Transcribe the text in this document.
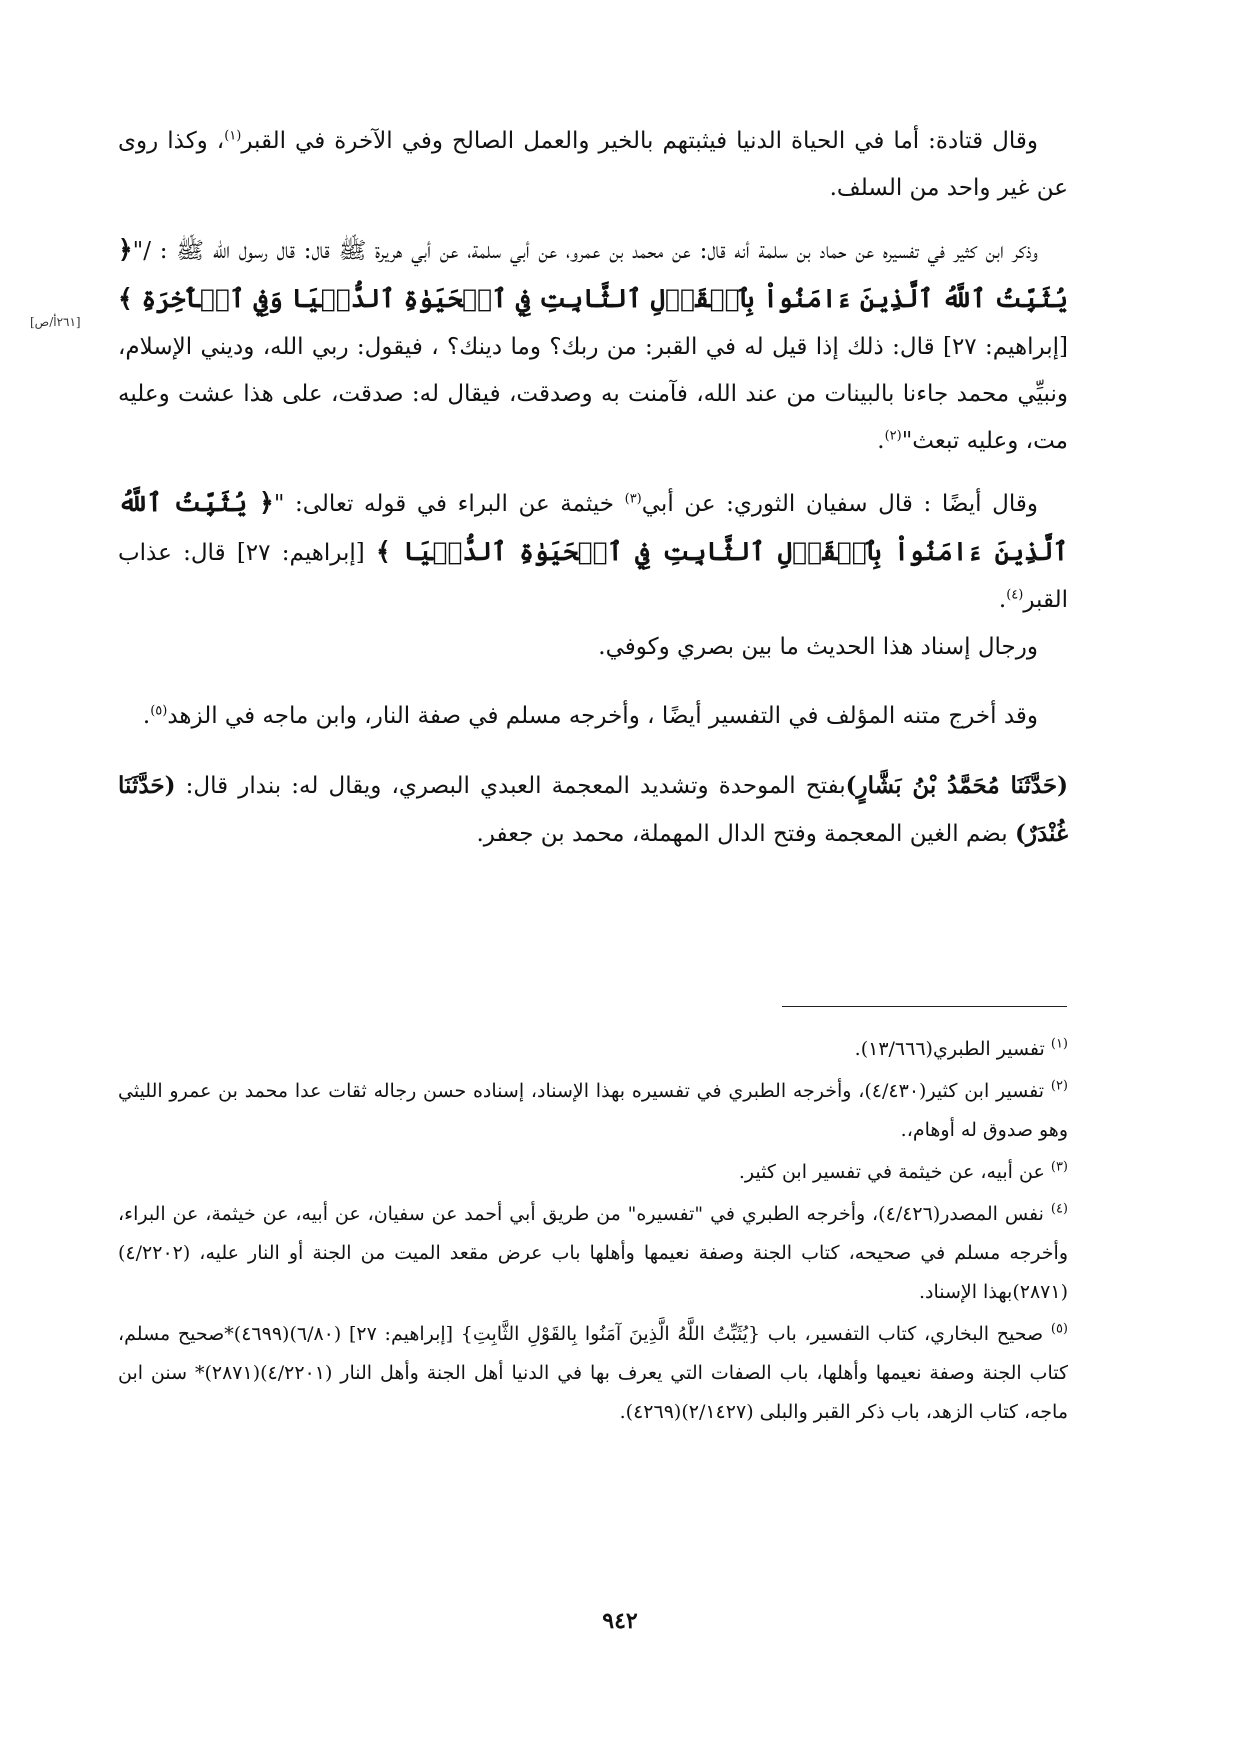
[٢٦١أ/ص]

وقال قتادة: أما في الحياة الدنيا فيثبتهم بالخير والعمل الصالح وفي الآخرة في القبر$^{(١)}$، وكذا روى عن غير واحد من السلف.

وذكر ابن كثير في تفسيره عن حماد بن سلمة أنه قال: عن محمد بن عمرو، عن أبي سلمة، عن أبي هريرة ﷺ قال: قال رسول الله ﷺ : /"﴿ يُثَبِّتُ ٱللَّهُ ٱلَّذِينَ ءَامَنُواْ بِٱلۡقَوۡلِ ٱلثَّابِتِ فِي ٱلۡحَيَوٰةِ ٱلدُّنۡيَا وَفِي ٱلۡأٓخِرَةِ ﴾ [إبراهيم: ٢٧] قال: ذلك إذا قيل له في القبر: من ربك؟ وما دينك؟ ، فيقول: ربي الله، وديني الإسلام، ونبيِّي محمد جاءنا بالبينات من عند الله، فآمنت به وصدقت، فيقال له: صدقت، على هذا عشت وعليه مت، وعليه تبعث"$^{(٢)}$.

وقال أيضًا : قال سفيان الثوري: عن أبي$^{(٣)}$ خيثمة عن البراء في قوله تعالى: "﴿ يُثَبِّتُ ٱللَّهُ ٱلَّذِينَ ءَامَنُواْ بِٱلۡقَوۡلِ ٱلثَّابِتِ فِي ٱلۡحَيَوٰةِ ٱلدُّنۡيَا ﴾ [إبراهيم: ٢٧] قال: عذاب القبر$^{(٤)}$.

ورجال إسناد هذا الحديث ما بين بصري وكوفي.

وقد أخرج متنه المؤلف في التفسير أيضًا ، وأخرجه مسلم في صفة النار، وابن ماجه في الزهد$^{(٥)}$.

(حَدَّثَنَا مُحَمَّدُ بْنُ بَشَّارٍ)بفتح الموحدة وتشديد المعجمة العبدي البصري، ويقال له: بندار قال: (حَدَّثَنَا غُنْدَرٌ) بضم الغين المعجمة وفتح الدال المهملة، محمد بن جعفر.

$^{(١)}$ تفسير الطبري(١٣/٦٦٦).

$^{(٢)}$ تفسير ابن كثير(٤/٤٣٠)، وأخرجه الطبري في تفسيره بهذا الإسناد، إسناده حسن رجاله ثقات عدا محمد بن عمرو الليثي وهو صدوق له أوهام،.

$^{(٣)}$ عن أبيه، عن خيثمة في تفسير ابن كثير.

$^{(٤)}$ نفس المصدر(٤/٤٢٦)، وأخرجه الطبري في "تفسيره" من طريق أبي أحمد عن سفيان، عن أبيه، عن خيثمة، عن البراء، وأخرجه مسلم في صحيحه، كتاب الجنة وصفة نعيمها وأهلها باب عرض مقعد الميت من الجنة أو النار عليه، (٤/٢٢٠٢)(٢٨٧١)بهذا الإسناد.

$^{(٥)}$ صحيح البخاري، كتاب التفسير، باب {يُثَبِّتُ اللَّهُ الَّذِينَ آمَنُوا بِالقَوْلِ الثَّابِتِ} [إبراهيم: ٢٧] (٦/٨٠)(٤٦٩٩)*صحيح مسلم، كتاب الجنة وصفة نعيمها وأهلها، باب الصفات التي يعرف بها في الدنيا أهل الجنة وأهل النار (٤/٢٢٠١)(٢٨٧١)* سنن ابن ماجه، كتاب الزهد، باب ذكر القبر والبلى (٢/١٤٢٧)(٤٢٦٩).

٩٤٢
